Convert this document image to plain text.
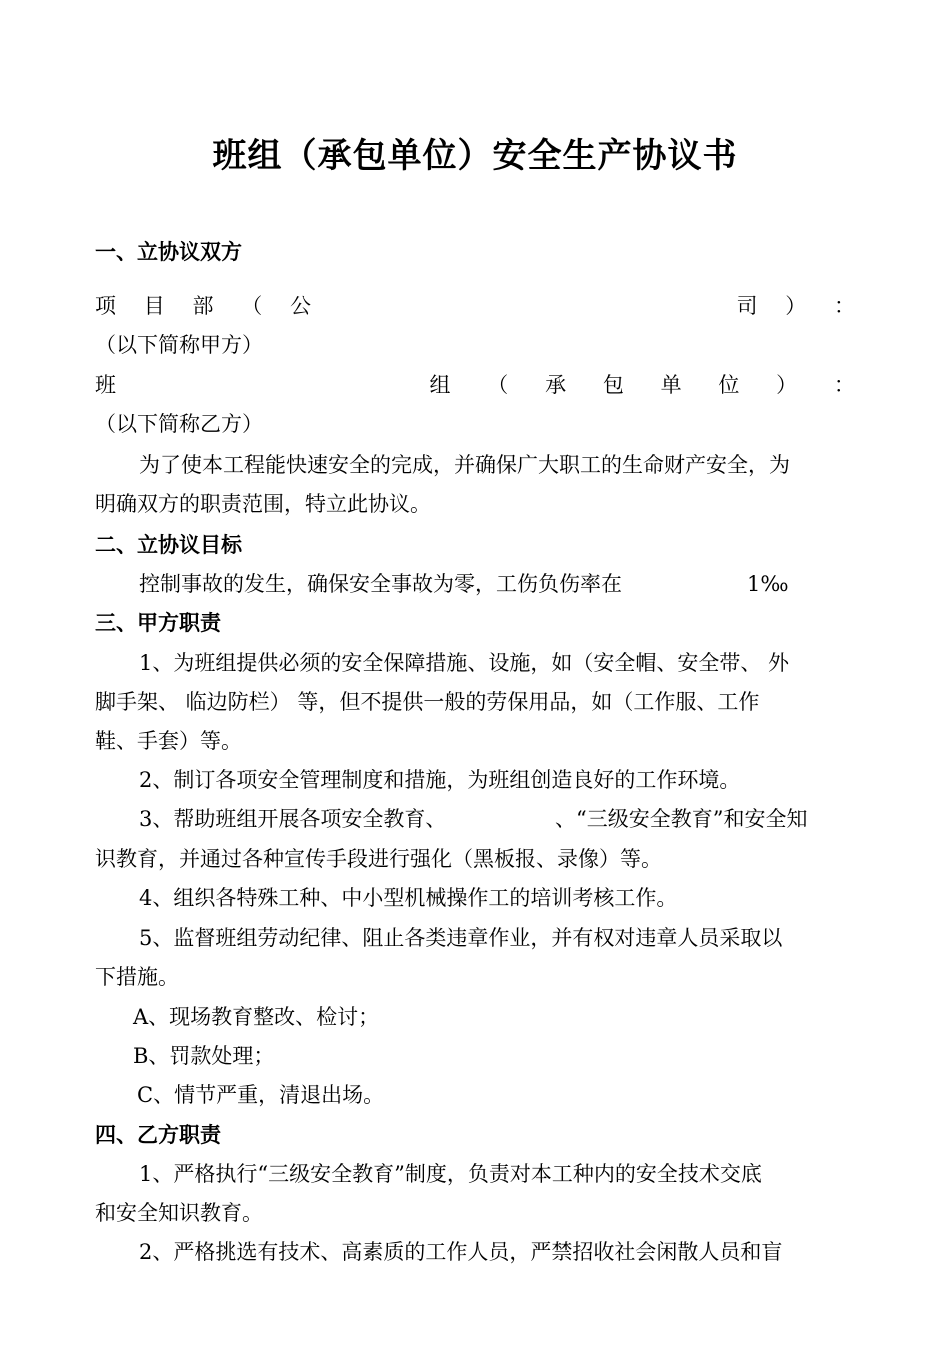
班组（承包单位）安全生产协议书
一、立协议双方
项 目 部 （ 公	司 ） ：
（以下简称甲方）
班	组 （ 承 包 单 位 ） ：
（以下简称乙方）
为了使本工程能快速安全的完成，并确保广大职工的生命财产安全，为
明确双方的职责范围，特立此协议。
二、立协议目标
控制事故的发生，确保安全事故为零，工伤负伤率在	1‰
三、甲方职责
1、为班组提供必须的安全保障措施、设施，如（安全帽、安全带、 外
脚手架、 临边防栏） 等，但不提供一般的劳保用品，如（工作服、工作
鞋、手套）等。
2、制订各项安全管理制度和措施，为班组创造良好的工作环境。
3、帮助班组开展各项安全教育、	、“三级安全教育”和安全知
识教育，并通过各种宣传手段进行强化（黑板报、录像）等。
4、组织各特殊工种、中小型机械操作工的培训考核工作。
5、监督班组劳动纪律、阻止各类违章作业，并有权对违章人员采取以
下措施。
A、现场教育整改、检讨；
B、罚款处理；
C、情节严重，清退出场。
四、乙方职责
1、严格执行“三级安全教育”制度，负责对本工种内的安全技术交底
和安全知识教育。
2、严格挑选有技术、高素质的工作人员，严禁招收社会闲散人员和盲
